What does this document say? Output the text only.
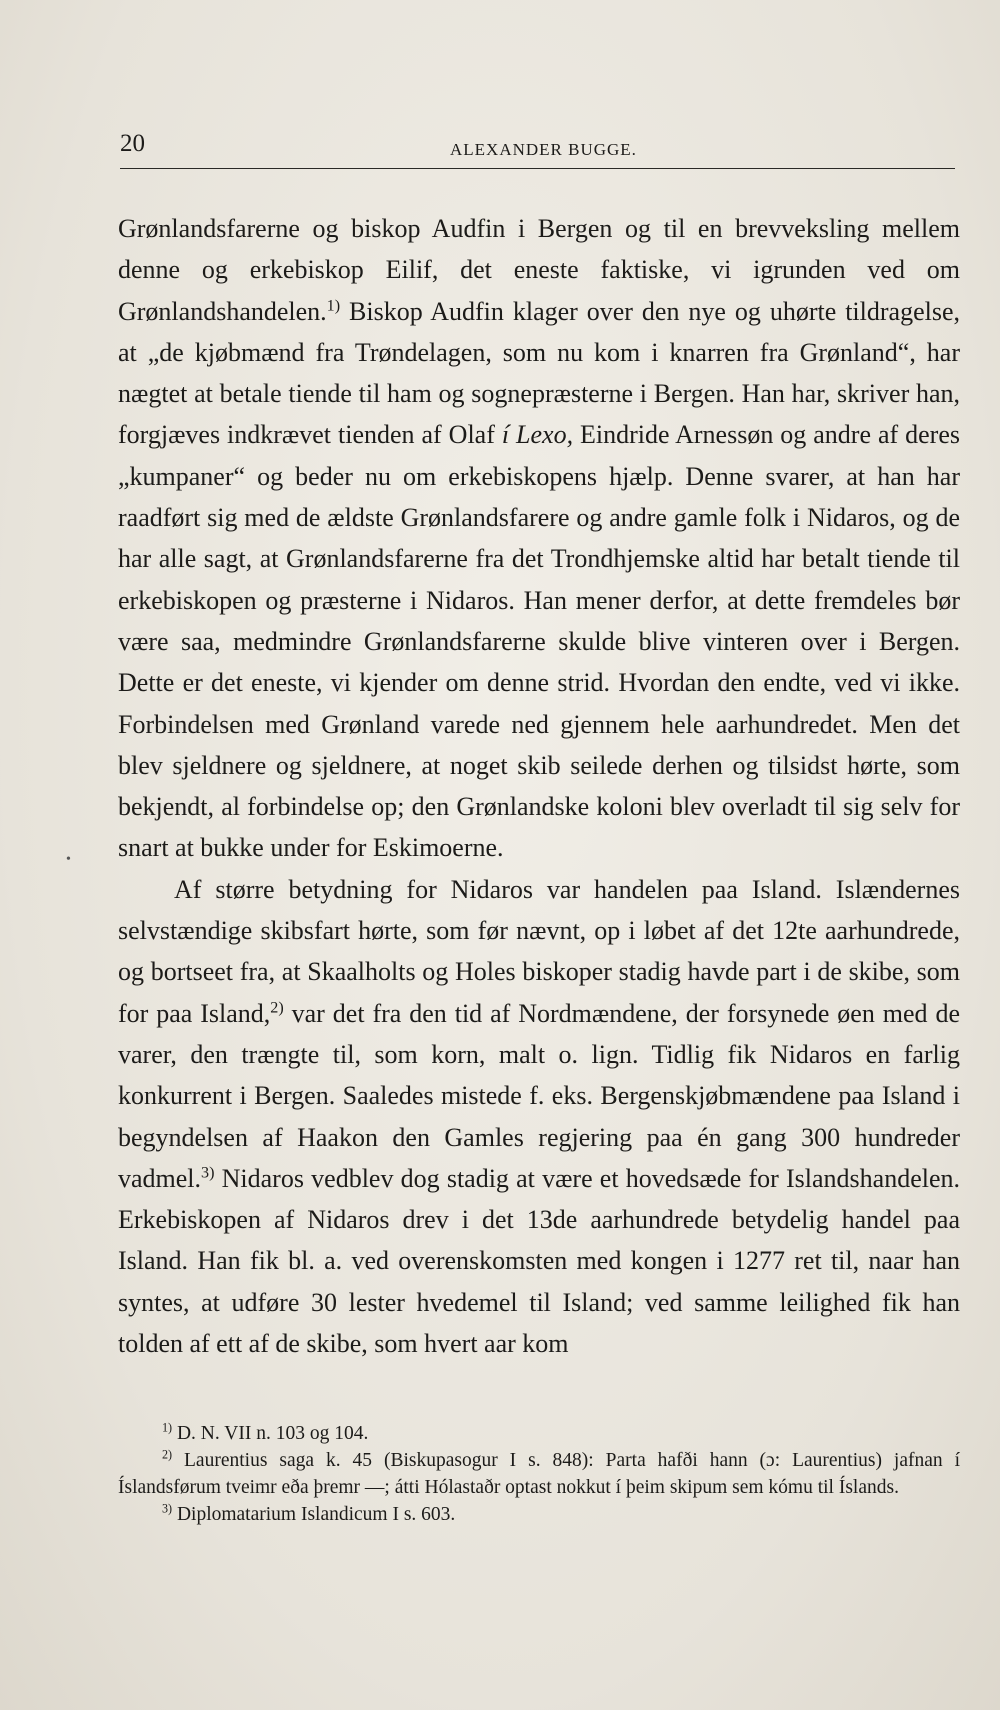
20	ALEXANDER BUGGE.

Grønlandsfarerne og biskop Audfin i Bergen og til en brevveksling mellem denne og erkebiskop Eilif, det eneste faktiske, vi igrunden ved om Grønlandshandelen.$^{1)}$ Biskop Audfin klager over den nye og uhørte tildragelse, at „de kjøbmænd fra Trøndelagen, som nu kom i knarren fra Grønland“, har nægtet at betale tiende til ham og sognepræsterne i Bergen. Han har, skriver han, forgjæves indkrævet tienden af Olaf í Lexo, Eindride Arnessøn og andre af deres „kumpaner“ og beder nu om erkebiskopens hjælp. Denne svarer, at han har raadført sig med de ældste Grønlandsfarere og andre gamle folk i Nidaros, og de har alle sagt, at Grønlandsfarerne fra det Trondhjemske altid har betalt tiende til erkebiskopen og præsterne i Nidaros. Han mener derfor, at dette fremdeles bør være saa, medmindre Grønlandsfarerne skulde blive vinteren over i Bergen. Dette er det eneste, vi kjender om denne strid. Hvordan den endte, ved vi ikke. Forbindelsen med Grønland varede ned gjennem hele aarhundredet. Men det blev sjeldnere og sjeldnere, at noget skib seilede derhen og tilsidst hørte, som bekjendt, al forbindelse op; den Grønlandske koloni blev overladt til sig selv for snart at bukke under for Eskimoerne.

Af større betydning for Nidaros var handelen paa Island. Islændernes selvstændige skibsfart hørte, som før nævnt, op i løbet af det 12te aarhundrede, og bortseet fra, at Skaalholts og Holes biskoper stadig havde part i de skibe, som for paa Island,$^{2)}$ var det fra den tid af Nordmændene, der forsynede øen med de varer, den trængte til, som korn, malt o. lign. Tidlig fik Nidaros en farlig konkurrent i Bergen. Saaledes mistede f. eks. Bergenskjøbmændene paa Island i begyndelsen af Haakon den Gamles regjering paa én gang 300 hundreder vadmel.$^{3)}$ Nidaros vedblev dog stadig at være et hovedsæde for Islandshandelen. Erkebiskopen af Nidaros drev i det 13de aarhundrede betydelig handel paa Island. Han fik bl. a. ved overenskomsten med kongen i 1277 ret til, naar han syntes, at udføre 30 lester hvedemel til Island; ved samme leilighed fik han tolden af ett af de skibe, som hvert aar kom

$^{1)}$ D. N. VII n. 103 og 104.

$^{2)}$ Laurentius saga k. 45 (Biskupasogur I s. 848): Parta hafði hann (ɔ: Laurentius) jafnan í Íslandsførum tveimr eða þremr —; átti Hólastaðr optast nokkut í þeim skipum sem kómu til Íslands.

$^{3)}$ Diplomatarium Islandicum I s. 603.

•
